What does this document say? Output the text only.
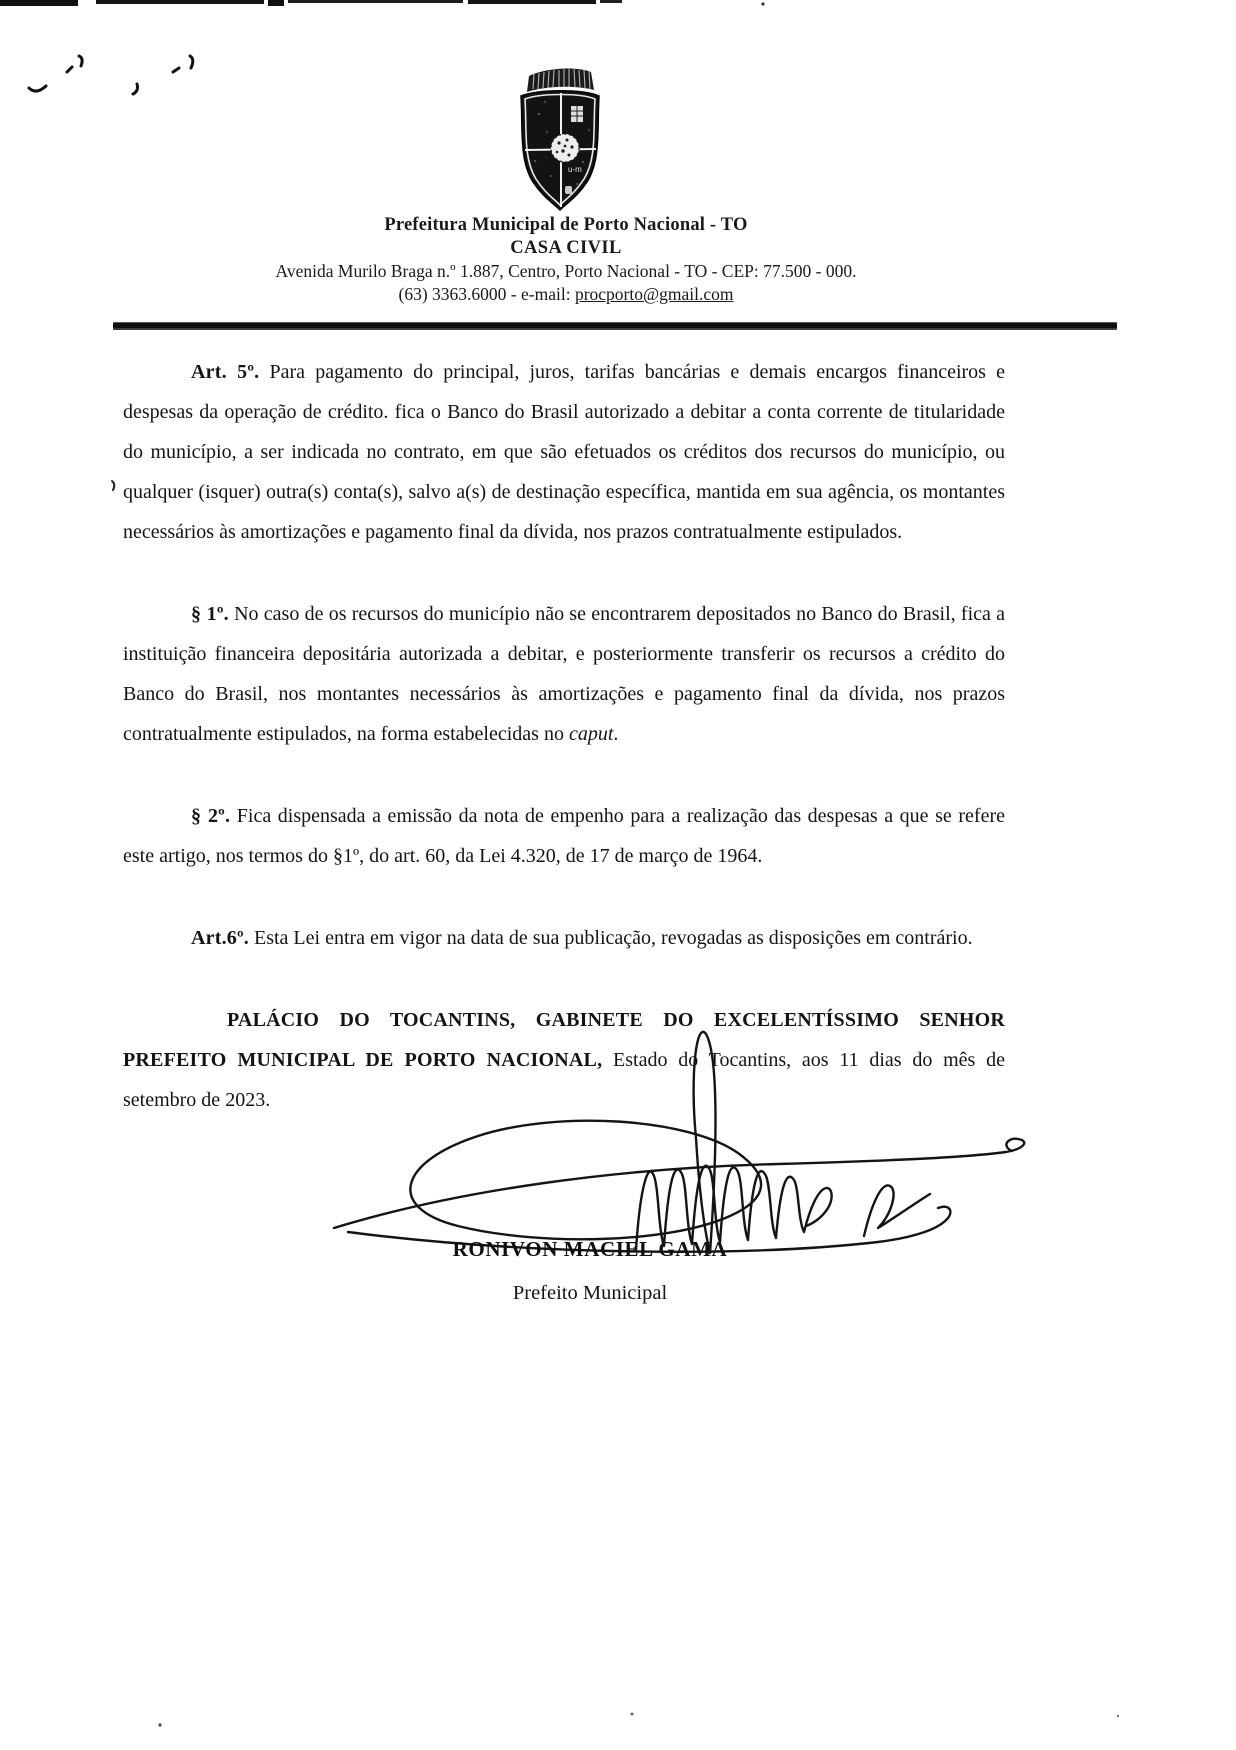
u-m
Prefeitura Municipal de Porto Nacional - TO
CASA CIVIL
Avenida Murilo Braga n.º 1.887, Centro, Porto Nacional - TO - CEP: 77.500 - 000.
(63) 3363.6000 - e-mail: procporto@gmail.com

Art. 5º. Para pagamento do principal, juros, tarifas bancárias e demais encargos financeiros e despesas da operação de crédito. fica o Banco do Brasil autorizado a debitar a conta corrente de titularidade do município, a ser indicada no contrato, em que são efetuados os créditos dos recursos do município, ou qualquer (isquer) outra(s) conta(s), salvo a(s) de destinação específica, mantida em sua agência, os montantes necessários às amortizações e pagamento final da dívida, nos prazos contratualmente estipulados.

§ 1º. No caso de os recursos do município não se encontrarem depositados no Banco do Brasil, fica a instituição financeira depositária autorizada a debitar, e posteriormente transferir os recursos a crédito do Banco do Brasil, nos montantes necessários às amortizações e pagamento final da dívida, nos prazos contratualmente estipulados, na forma estabelecidas no caput.

§ 2º. Fica dispensada a emissão da nota de empenho para a realização das despesas a que se refere este artigo, nos termos do §1º, do art. 60, da Lei 4.320, de 17 de março de 1964.

Art.6º. Esta Lei entra em vigor na data de sua publicação, revogadas as disposições em contrário.

PALÁCIO DO TOCANTINS, GABINETE DO EXCELENTÍSSIMO SENHOR PREFEITO MUNICIPAL DE PORTO NACIONAL, Estado do Tocantins, aos 11 dias do mês de setembro de 2023.

RONIVON MACIEL GAMA
Prefeito Municipal
